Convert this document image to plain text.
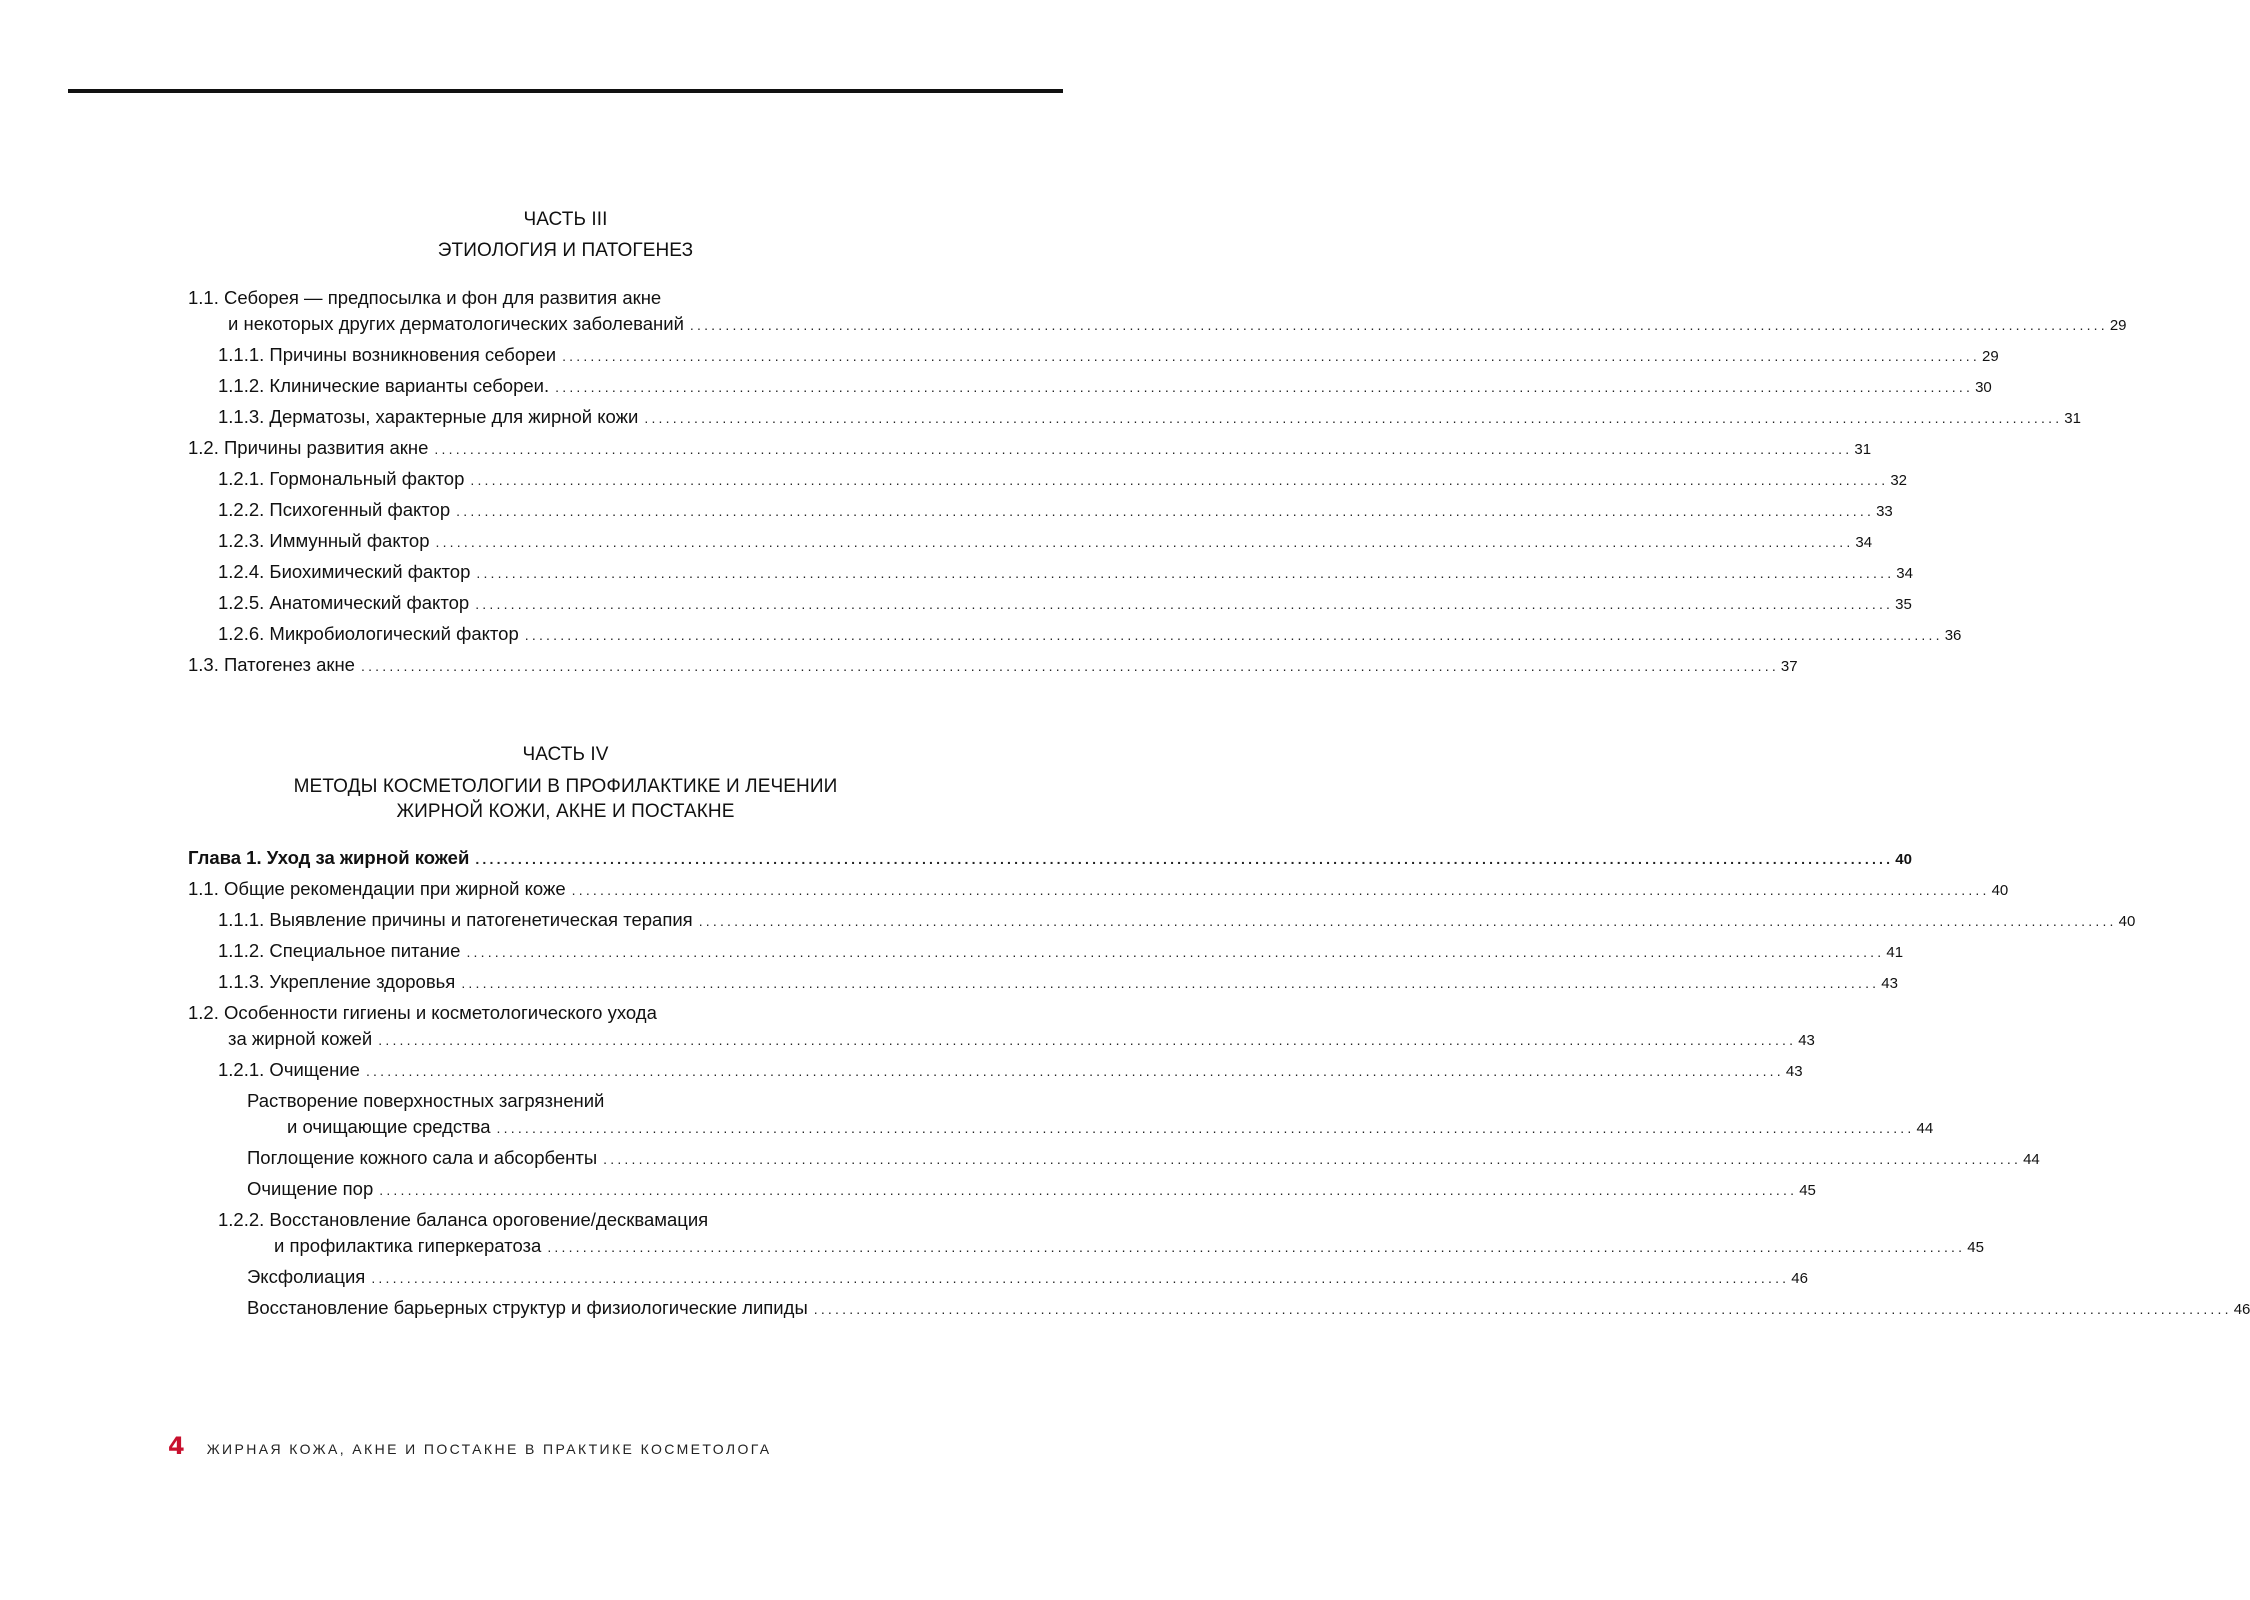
ЧАСТЬ III
ЭТИОЛОГИЯ И ПАТОГЕНЕЗ
1.1. Себорея — предпосылка и фон для развития акне
и некоторых других дерматологических заболеваний ........................................................................................................................................................................................................ 29
1.1.1. Причины возникновения себореи ........................................................................................................................................................................................................ 29
1.1.2. Клинические варианты себореи. ........................................................................................................................................................................................................ 30
1.1.3. Дерматозы, характерные для жирной кожи ........................................................................................................................................................................................................ 31
1.2. Причины развития акне ........................................................................................................................................................................................................ 31
1.2.1. Гормональный фактор ........................................................................................................................................................................................................ 32
1.2.2. Психогенный фактор ........................................................................................................................................................................................................ 33
1.2.3. Иммунный фактор ........................................................................................................................................................................................................ 34
1.2.4. Биохимический фактор ........................................................................................................................................................................................................ 34
1.2.5. Анатомический фактор ........................................................................................................................................................................................................ 35
1.2.6. Микробиологический фактор ........................................................................................................................................................................................................ 36
1.3. Патогенез акне ........................................................................................................................................................................................................ 37
ЧАСТЬ IV
МЕТОДЫ КОСМЕТОЛОГИИ В ПРОФИЛАКТИКЕ И ЛЕЧЕНИИ
ЖИРНОЙ КОЖИ, АКНЕ И ПОСТАКНЕ
Глава 1. Уход за жирной кожей ........................................................................................................................................................................................................ 40
1.1. Общие рекомендации при жирной коже ........................................................................................................................................................................................................ 40
1.1.1. Выявление причины и патогенетическая терапия ........................................................................................................................................................................................................ 40
1.1.2. Специальное питание ........................................................................................................................................................................................................ 41
1.1.3. Укрепление здоровья ........................................................................................................................................................................................................ 43
1.2. Особенности гигиены и косметологического ухода
за жирной кожей ........................................................................................................................................................................................................ 43
1.2.1. Очищение ........................................................................................................................................................................................................ 43
Растворение поверхностных загрязнений
и очищающие средства ........................................................................................................................................................................................................ 44
Поглощение кожного сала и абсорбенты ........................................................................................................................................................................................................ 44
Очищение пор ........................................................................................................................................................................................................ 45
1.2.2. Восстановление баланса ороговение/десквамация
и профилактика гиперкератоза ........................................................................................................................................................................................................ 45
Эксфолиация ........................................................................................................................................................................................................ 46
Восстановление барьерных структур и физиологические липиды ........................................................................................................................................................................................................ 46
4 ЖИРНАЯ КОЖА, АКНЕ И ПОСТАКНЕ В ПРАКТИКЕ КОСМЕТОЛОГА
